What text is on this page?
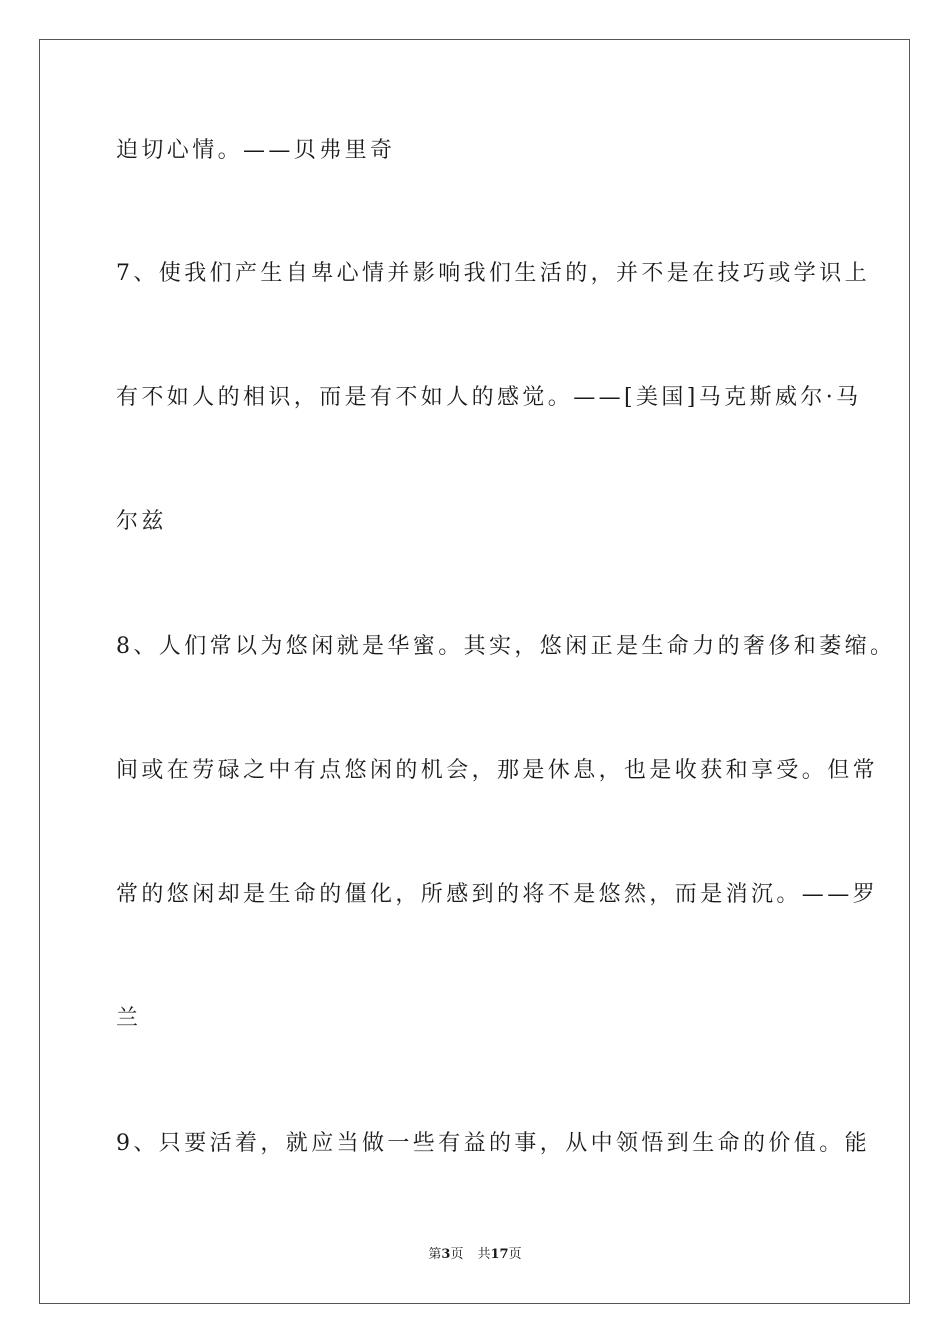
迫切心情。——贝弗里奇
7、使我们产生自卑心情并影响我们生活的，并不是在技巧或学识上
有不如人的相识，而是有不如人的感觉。——[美国]马克斯威尔·马
尔兹
8、人们常以为悠闲就是华蜜。其实，悠闲正是生命力的奢侈和萎缩。
间或在劳碌之中有点悠闲的机会，那是休息，也是收获和享受。但常
常的悠闲却是生命的僵化，所感到的将不是悠然，而是消沉。——罗
兰
9、只要活着，就应当做一些有益的事，从中领悟到生命的价值。能
第3页 共17页
